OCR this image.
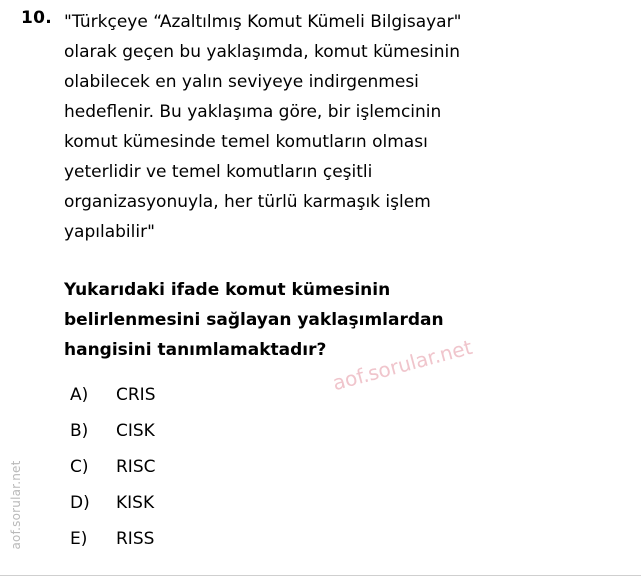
aof.sorular.net
aof.sorular.net
10. "Türkçeye “Azaltılmış Komut Kümeli Bilgisayar"
olarak geçen bu yaklaşımda, komut kümesinin
olabilecek en yalın seviyeye indirgenmesi
hedeflenir. Bu yaklaşıma göre, bir işlemcinin
komut kümesinde temel komutların olması
yeterlidir ve temel komutların çeşitli
organizasyonuyla, her türlü karmaşık işlem
yapılabilir"
Yukarıdaki ifade komut kümesinin
belirlenmesini sağlayan yaklaşımlardan
hangisini tanımlamaktadır?
A)	CRIS
B)	CISK
C)	RISC
D)	KISK
E)	RISS
